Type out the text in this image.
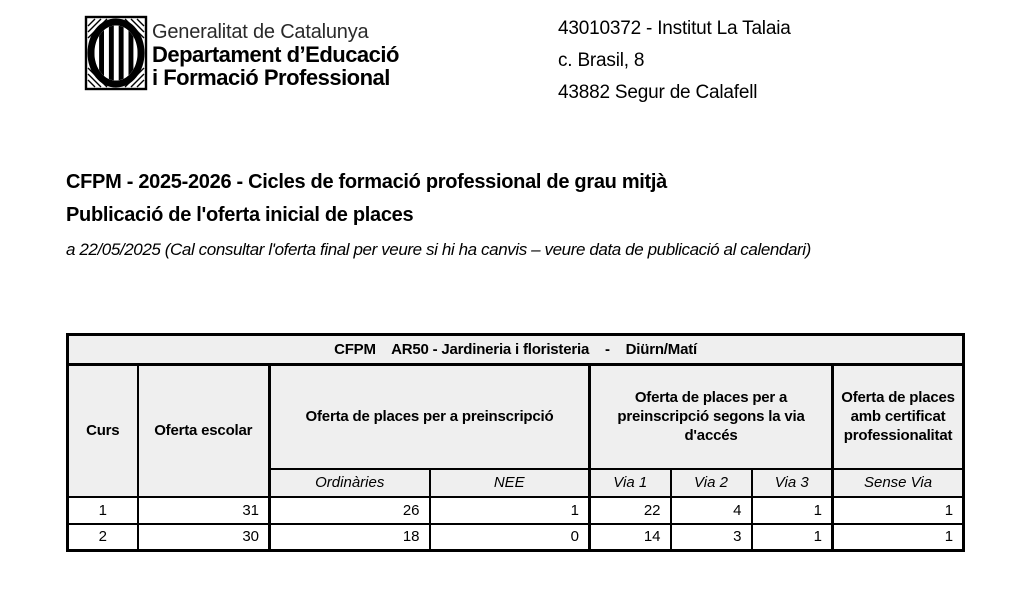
Generalitat de Catalunya
Departament d’Educació
i Formació Professional
43010372 - Institut La Talaia
c. Brasil, 8
43882 Segur de Calafell
CFPM - 2025-2026 - Cicles de formació professional de grau mitjà
Publicació de l'oferta inicial de places
a 22/05/2025 (Cal consultar l'oferta final per veure si hi ha canvis – veure data de publicació al calendari)
CFPM    AR50 - Jardineria i floristeria    -    Diürn/Matí							
Curs	Oferta escolar	Oferta de places per a preinscripció		Oferta de places per a preinscripció segons la via d'accés			Oferta de places amb certificat professionalitat
		Ordinàries	NEE	Via 1	Via 2	Via 3	Sense Via
1	31	26	1	22	4	1	1
2	30	18	0	14	3	1	1
